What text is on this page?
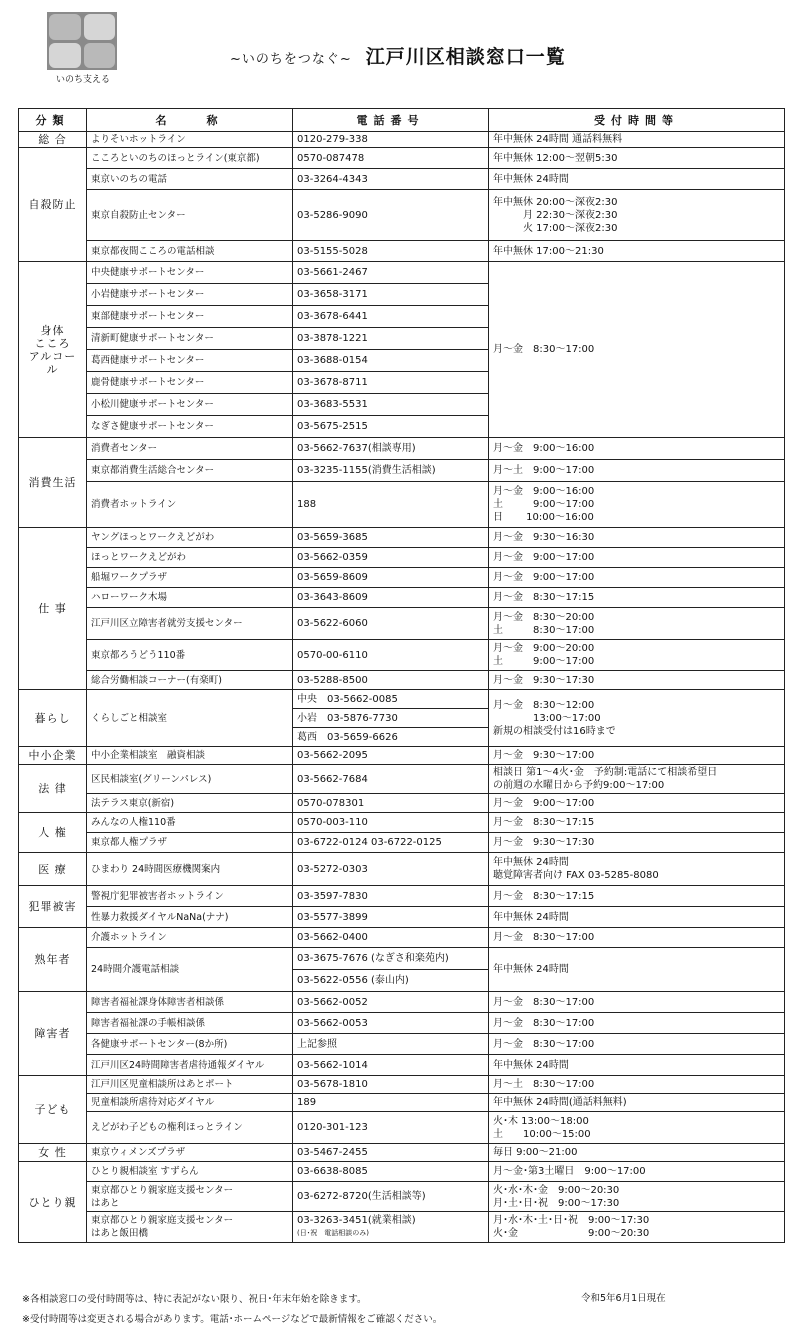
いのち支える
~いのちをつなぐ~ 江戸川区相談窓口一覧
分類	名　　称	電話番号	受付時間等

総 合	よりそいホットライン	0120-279-338	年中無休 24時間 通話料無料

自殺防止	こころといのちのほっとライン(東京都)	0570-087478	年中無休 12:00～翌朝5:30

	東京いのちの電話	03-3264-4343	年中無休 24時間

	東京自殺防止センター	03-5286-9090	年中無休 20:00～深夜2:30
　　　月 22:30～深夜2:30
　　　火 17:00～深夜2:30

	東京都夜間こころの電話相談	03-5155-5028	年中無休 17:00～21:30

身体
こころ
アルコール	中央健康サポートセンター	03-5661-2467	月～金　8:30～17:00

	小岩健康サポートセンター	03-3658-3171	

	東部健康サポートセンター	03-3678-6441	

	清新町健康サポートセンター	03-3878-1221	

	葛西健康サポートセンター	03-3688-0154	

	鹿骨健康サポートセンター	03-3678-8711	

	小松川健康サポートセンター	03-3683-5531	

	なぎさ健康サポートセンター	03-5675-2515	

消費生活	消費者センター	03-5662-7637(相談専用)	月～金　9:00～16:00

	東京都消費生活総合センター	03-3235-1155(消費生活相談)	月～土　9:00～17:00

	消費者ホットライン	188	月～金　9:00～16:00
土　　　9:00～17:00
日　　 10:00～16:00

仕 事	ヤングほっとワークえどがわ	03-5659-3685	月～金　9:30～16:30

	ほっとワークえどがわ	03-5662-0359	月～金　9:00～17:00

	船堀ワークプラザ	03-5659-8609	月～金　9:00～17:00

	ハローワーク木場	03-3643-8609	月～金　8:30～17:15

	江戸川区立障害者就労支援センター	03-5622-6060	月～金　8:30～20:00
土　　　8:30～17:00

	東京都ろうどう110番	0570-00-6110	月～金　9:00～20:00
土　　　9:00～17:00

	総合労働相談コーナー(有楽町)	03-5288-8500	月～金　9:30～17:30

暮らし	くらしごと相談室	中央　03-5662-0085	月～金　8:30～12:00
　　　　13:00～17:00
新規の相談受付は16時まで

		小岩　03-5876-7730	

		葛西　03-5659-6626	

中小企業	中小企業相談室　融資相談	03-5662-2095	月～金　9:30～17:00

法 律	区民相談室(グリーンパレス)	03-5662-7684	相談日 第1～4火･金　予約制:電話にて相談希望日
の前週の水曜日から予約9:00～17:00

	法テラス東京(新宿)	0570-078301	月～金　9:00～17:00

人 権	みんなの人権110番	0570-003-110	月～金　8:30～17:15

	東京都人権プラザ	03-6722-0124 03-6722-0125	月～金　9:30～17:30

医 療	ひまわり 24時間医療機関案内	03-5272-0303	年中無休 24時間
聴覚障害者向け FAX 03-5285-8080

犯罪被害	警視庁犯罪被害者ホットライン	03-3597-7830	月～金　8:30～17:15

	性暴力救援ダイヤルNaNa(ナナ)	03-5577-3899	年中無休 24時間

熟年者	介護ホットライン	03-5662-0400	月～金　8:30～17:00

	24時間介護電話相談	03-3675-7676 (なぎさ和楽苑内)	年中無休 24時間

		03-5622-0556 (泰山内)	

障害者	障害者福祉課身体障害者相談係	03-5662-0052	月～金　8:30～17:00

	障害者福祉課の手帳相談係	03-5662-0053	月～金　8:30～17:00

	各健康サポートセンター(8か所)	上記参照	月～金　8:30～17:00

	江戸川区24時間障害者虐待通報ダイヤル	03-5662-1014	年中無休 24時間

子ども	江戸川区児童相談所はあとポート	03-5678-1810	月～土　8:30～17:00

	児童相談所虐待対応ダイヤル	189	年中無休 24時間(通話料無料)

	えどがわ子どもの権利ほっとライン	0120-301-123	火･木 13:00～18:00
土　　10:00～15:00

女 性	東京ウィメンズプラザ	03-5467-2455	毎日 9:00～21:00

ひとり親	ひとり親相談室 すずらん	03-6638-8085	月～金･第3土曜日　9:00～17:00

	東京都ひとり親家庭支援センター
はあと	03-6272-8720(生活相談等)	火･水･木･金　9:00～20:30
月･土･日･祝　9:00～17:30

	東京都ひとり親家庭支援センター
はあと飯田橋	03-3263-3451(就業相談)
(日･祝　電話相談のみ)	月･水･木･土･日･祝　9:00～17:30
火･金　　　　　　　9:00～20:30
※各相談窓口の受付時間等は、特に表記がない限り、祝日･年末年始を除きます。
※受付時間等は変更される場合があります。電話･ホームページなどで最新情報をご確認ください。
令和5年6月1日現在
